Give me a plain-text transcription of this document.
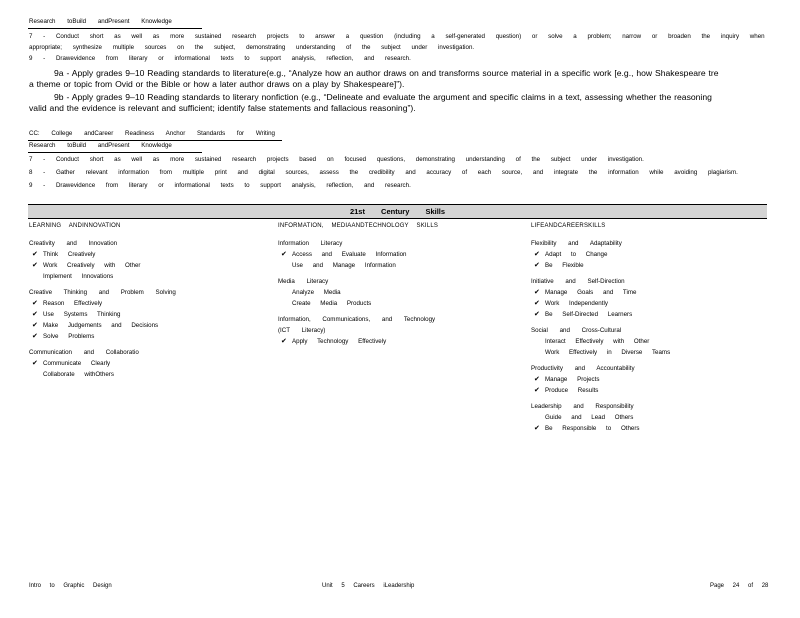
Research toBuild andPresent Knowledge
7 - Conduct short as well as more sustained research projects to answer a question (including a self-generated question) or solve a problem; narrow or broaden the inquiry when
appropriate; synthesize multiple sources on the subject, demonstrating understanding of the subject under investigation.
9 - Drawevidence from literary or informational texts to support analysis, reflection, and research.
9a - Apply grades 9–10 Reading standards to literature(e.g., “Analyze how an author draws on and transforms source material in a specific work [e.g., how Shakespeare tre
a theme or topic from Ovid or the Bible or how a later author draws on a play by Shakespeare]”).
9b - Apply grades 9–10 Reading standards to literary nonfiction (e.g., “Delineate and evaluate the argument and specific claims in a text, assessing whether the reasoning
valid and the evidence is relevant and sufficient; identify false statements and fallacious reasoning”).
CC: College andCareer Readiness Anchor Standards for Writing
Research toBuild andPresent Knowledge
7 - Conduct short as well as more sustained research projects based on focused questions, demonstrating understanding of the subject under investigation.
8 - Gather relevant information from multiple print and digital sources, assess the credibility and accuracy of each source, and integrate the information while avoiding plagiarism.
9 - Drawevidence from literary or informational texts to support analysis, reflection, and research.
21st Century Skills
LEARNING ANDINNOVATION
Creativity and Innovation
✔ Think Creatively
✔ Work Creatively with Other
Implement Innovations
Creative Thinking and Problem Solving
✔ Reason Effectively
✔ Use Systems Thinking
✔ Make Judgements and Decisions
✔ Solve Problems
Communication and Collaboratio
✔ Communicate Clearly
Collaborate withOthers
INFORMATION, MEDIAANDTECHNOLOGY SKILLS
Information Literacy
✔ Access and Evaluate Information
Use and Manage Information
Media Literacy
Analyze Media
Create Media Products
Information, Communications, and Technology
(ICT Literacy)
✔ Apply Technology Effectively
LIFEANDCAREERSKILLS
Flexibility and Adaptability
✔ Adapt to Change
✔ Be Flexible
Initiative and Self-Direction
✔ Manage Goals and Time
✔ Work Independently
✔ Be Self-Directed Learners
Social and Cross-Cultural
Interact Effectively with Other
Work Effectively in Diverse Teams
Productivity and Accountability
✔ Manage Projects
✔ Produce Results
Leadership and Responsibility
Guide and Lead Others
✔ Be Responsible to Others
Intro to Graphic Design	Unit 5 Careers iLeadership	Page 24 of 28
